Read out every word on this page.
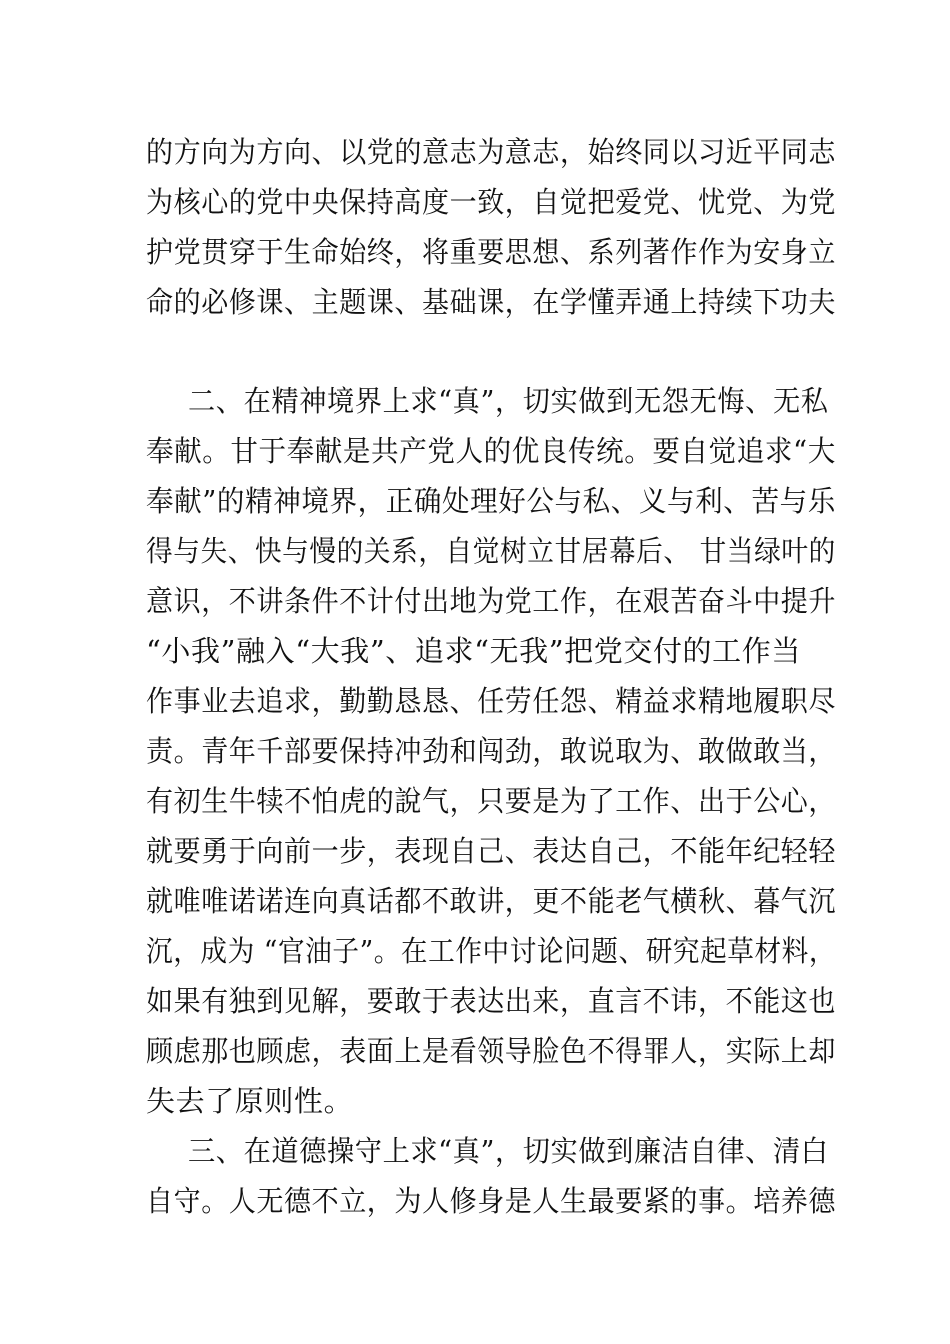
的方向为方向、以党的意志为意志，始终同以习近平同志
为核心的党中央保持高度一致，自觉把爱党、忧党、为党
护党贯穿于生命始终，将重要思想、系列著作作为安身立
命的必修课、主题课、基础课，在学懂弄通上持续下功夫
二、在精神境界上求“真”，切实做到无怨无悔、无私
奉献。甘于奉献是共产党人的优良传统。要自觉追求“大
奉献”的精神境界，正确处理好公与私、义与利、苦与乐
得与失、快与慢的关系，自觉树立甘居幕后、 甘当绿叶的
意识，不讲条件不计付出地为党工作，在艰苦奋斗中提升
“小我”融入“大我”、追求“无我”把党交付的工作当
作事业去追求，勤勤恳恳、任劳任怨、精益求精地履职尽
责。青年千部要保持冲劲和闯劲，敢说取为、敢做敢当，
有初生牛犊不怕虎的說气，只要是为了工作、出于公心，
就要勇于向前一步，表现自己、表达自己，不能年纪轻轻
就唯唯诺诺连向真话都不敢讲，更不能老气横秋、暮气沉
沉，成为 “官油子”。在工作中讨论问题、研究起草材料，
如果有独到见解，要敢于表达出来，直言不讳，不能这也
顾虑那也顾虑，表面上是看领导脸色不得罪人，实际上却
失去了原则性。
三、在道德操守上求“真”，切实做到廉洁自律、清白
自守。人无德不立，为人修身是人生最要紧的事。培养德
